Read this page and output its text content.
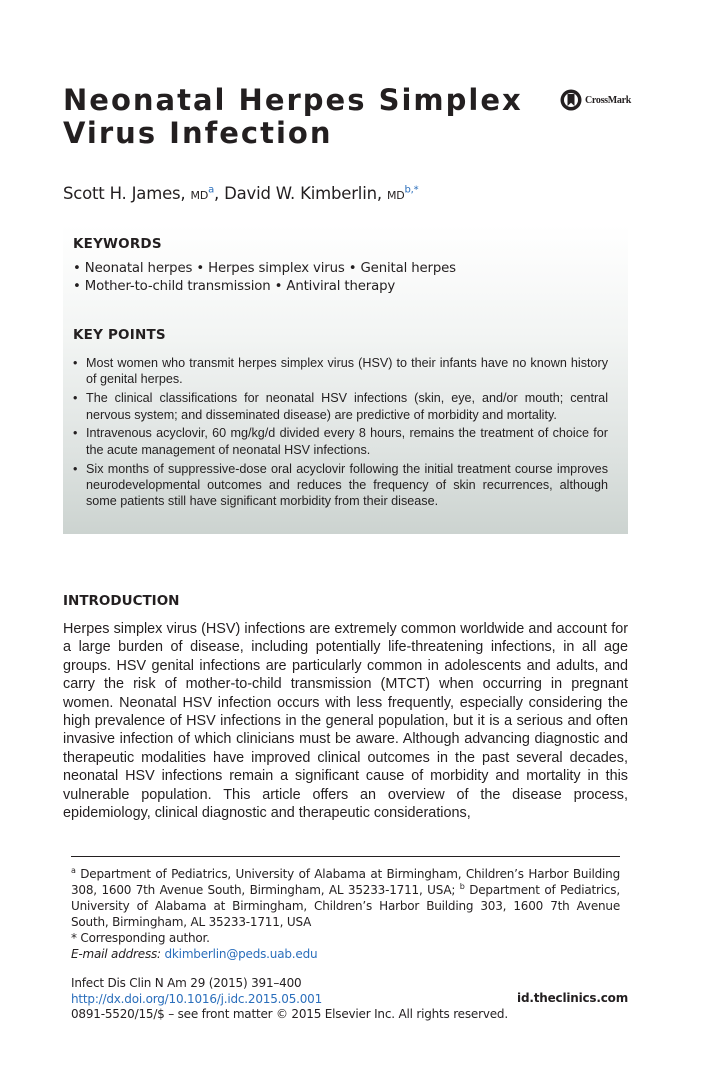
Neonatal Herpes Simplex
Virus Infection
CrossMark
Scott H. James, $MD^a$, David W. Kimberlin, $MD^{b,*}$
KEYWORDS
• Neonatal herpes • Herpes simplex virus • Genital herpes
• Mother-to-child transmission • Antiviral therapy
KEY POINTS
• Most women who transmit herpes simplex virus (HSV) to their infants have no known history of genital herpes.
• The clinical classifications for neonatal HSV infections (skin, eye, and/or mouth; central nervous system; and disseminated disease) are predictive of morbidity and mortality.
• Intravenous acyclovir, 60 mg/kg/d divided every 8 hours, remains the treatment of choice for the acute management of neonatal HSV infections.
• Six months of suppressive-dose oral acyclovir following the initial treatment course improves neurodevelopmental outcomes and reduces the frequency of skin recurrences, although some patients still have significant morbidity from their disease.
INTRODUCTION

Herpes simplex virus (HSV) infections are extremely common worldwide and account for a large burden of disease, including potentially life-threatening infections, in all age groups. HSV genital infections are particularly common in adolescents and adults, and carry the risk of mother-to-child transmission (MTCT) when occurring in pregnant women. Neonatal HSV infection occurs with less frequently, especially considering the high prevalence of HSV infections in the general population, but it is a serious and often invasive infection of which clinicians must be aware. Although advancing diagnostic and therapeutic modalities have improved clinical outcomes in the past several decades, neonatal HSV infections remain a significant cause of morbidity and mortality in this vulnerable population. This article offers an overview of the disease process, epidemiology, clinical diagnostic and therapeutic considerations,

$^a$ Department of Pediatrics, University of Alabama at Birmingham, Children’s Harbor Building 308, 1600 7th Avenue South, Birmingham, AL 35233-1711, USA; $^b$ Department of Pediatrics, University of Alabama at Birmingham, Children’s Harbor Building 303, 1600 7th Avenue South, Birmingham, AL 35233-1711, USA

* Corresponding author.

E-mail address: dkimberlin@peds.uab.edu

Infect Dis Clin N Am 29 (2015) 391–400

http://dx.doi.org/10.1016/j.idc.2015.05.001

0891-5520/15/$ – see front matter © 2015 Elsevier Inc. All rights reserved.

id.theclinics.com
